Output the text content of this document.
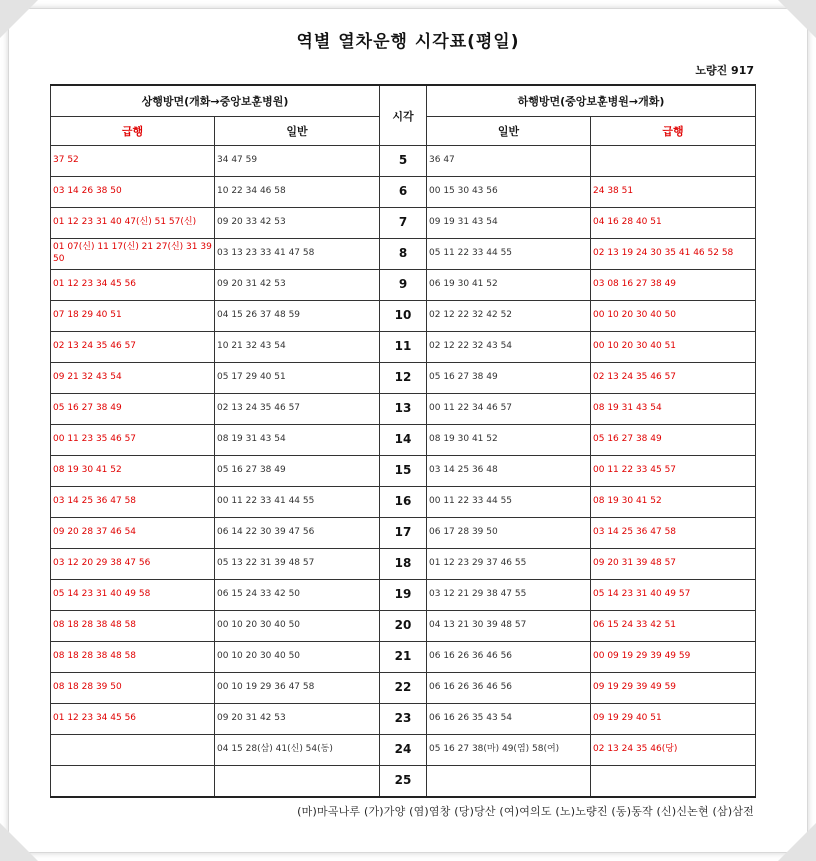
역별 열차운행 시각표(평일)
노량진 917
상행방면(개화→중앙보훈병원)		시각	하행방면(중앙보훈병원→개화)	
급행	일반		일반	급행
37 52	34 47 59	5	36 47	
03 14 26 38 50	10 22 34 46 58	6	00 15 30 43 56	24 38 51
01 12 23 31 40 47(신) 51 57(신)	09 20 33 42 53	7	09 19 31 43 54	04 16 28 40 51
01 07(신) 11 17(신) 21 27(신) 31 39 50	03 13 23 33 41 47 58	8	05 11 22 33 44 55	02 13 19 24 30 35 41 46 52 58
01 12 23 34 45 56	09 20 31 42 53	9	06 19 30 41 52	03 08 16 27 38 49
07 18 29 40 51	04 15 26 37 48 59	10	02 12 22 32 42 52	00 10 20 30 40 50
02 13 24 35 46 57	10 21 32 43 54	11	02 12 22 32 43 54	00 10 20 30 40 51
09 21 32 43 54	05 17 29 40 51	12	05 16 27 38 49	02 13 24 35 46 57
05 16 27 38 49	02 13 24 35 46 57	13	00 11 22 34 46 57	08 19 31 43 54
00 11 23 35 46 57	08 19 31 43 54	14	08 19 30 41 52	05 16 27 38 49
08 19 30 41 52	05 16 27 38 49	15	03 14 25 36 48	00 11 22 33 45 57
03 14 25 36 47 58	00 11 22 33 41 44 55	16	00 11 22 33 44 55	08 19 30 41 52
09 20 28 37 46 54	06 14 22 30 39 47 56	17	06 17 28 39 50	03 14 25 36 47 58
03 12 20 29 38 47 56	05 13 22 31 39 48 57	18	01 12 23 29 37 46 55	09 20 31 39 48 57
05 14 23 31 40 49 58	06 15 24 33 42 50	19	03 12 21 29 38 47 55	05 14 23 31 40 49 57
08 18 28 38 48 58	00 10 20 30 40 50	20	04 13 21 30 39 48 57	06 15 24 33 42 51
08 18 28 38 48 58	00 10 20 30 40 50	21	06 16 26 36 46 56	00 09 19 29 39 49 59
08 18 28 39 50	00 10 19 29 36 47 58	22	06 16 26 36 46 56	09 19 29 39 49 59
01 12 23 34 45 56	09 20 31 42 53	23	06 16 26 35 43 54	09 19 29 40 51
	04 15 28(삼) 41(신) 54(동)	24	05 16 27 38(마) 49(염) 58(여)	02 13 24 35 46(당)
		25		
(마)마곡나루 (가)가양 (염)염창 (당)당산 (여)여의도 (노)노량진 (동)동작 (신)신논현 (삼)삼전
